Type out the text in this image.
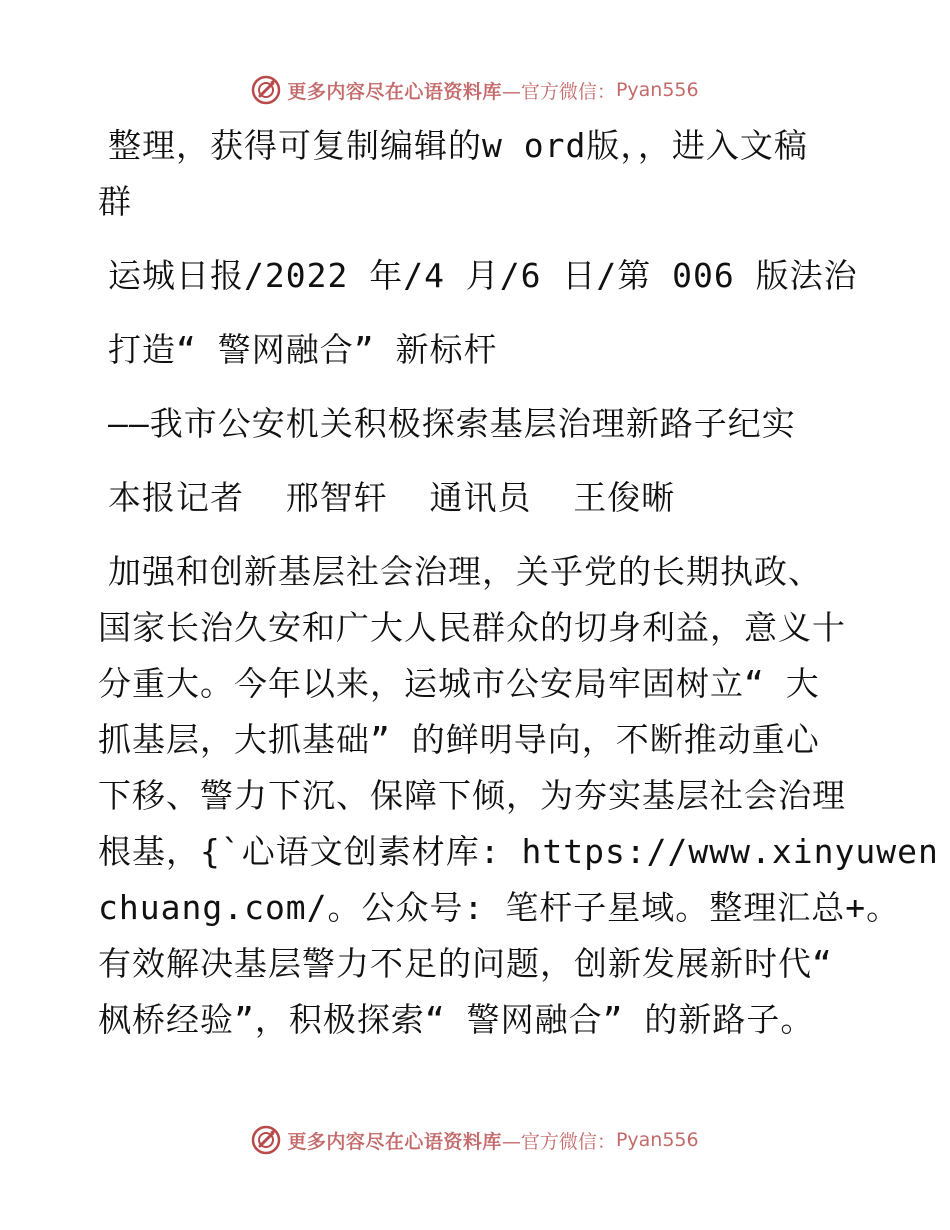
更多内容尽在心语资料库 —官方微信： Pyan556
整理，获得可复制编辑的w ord版，，进入文稿
群
运城日报/2022 年/4 月/6 日/第 006 版法治
打造“ 警网融合” 新标杆
——我市公安机关积极探索基层治理新路子纪实
本报记者  邢智轩  通讯员  王俊晰
加强和创新基层社会治理，关乎党的长期执政、
国家长治久安和广大人民群众的切身利益，意义十
分重大。今年以来，运城市公安局牢固树立“ 大
抓基层，大抓基础” 的鲜明导向，不断推动重心
下移、警力下沉、保障下倾，为夯实基层社会治理
根基，{`心语文创素材库: https://www.xinyuwen
chuang.com/。公众号: 笔杆子星域。整理汇总+。
有效解决基层警力不足的问题，创新发展新时代“
枫桥经验”，积极探索“ 警网融合” 的新路子。
更多内容尽在心语资料库 —官方微信： Pyan556
